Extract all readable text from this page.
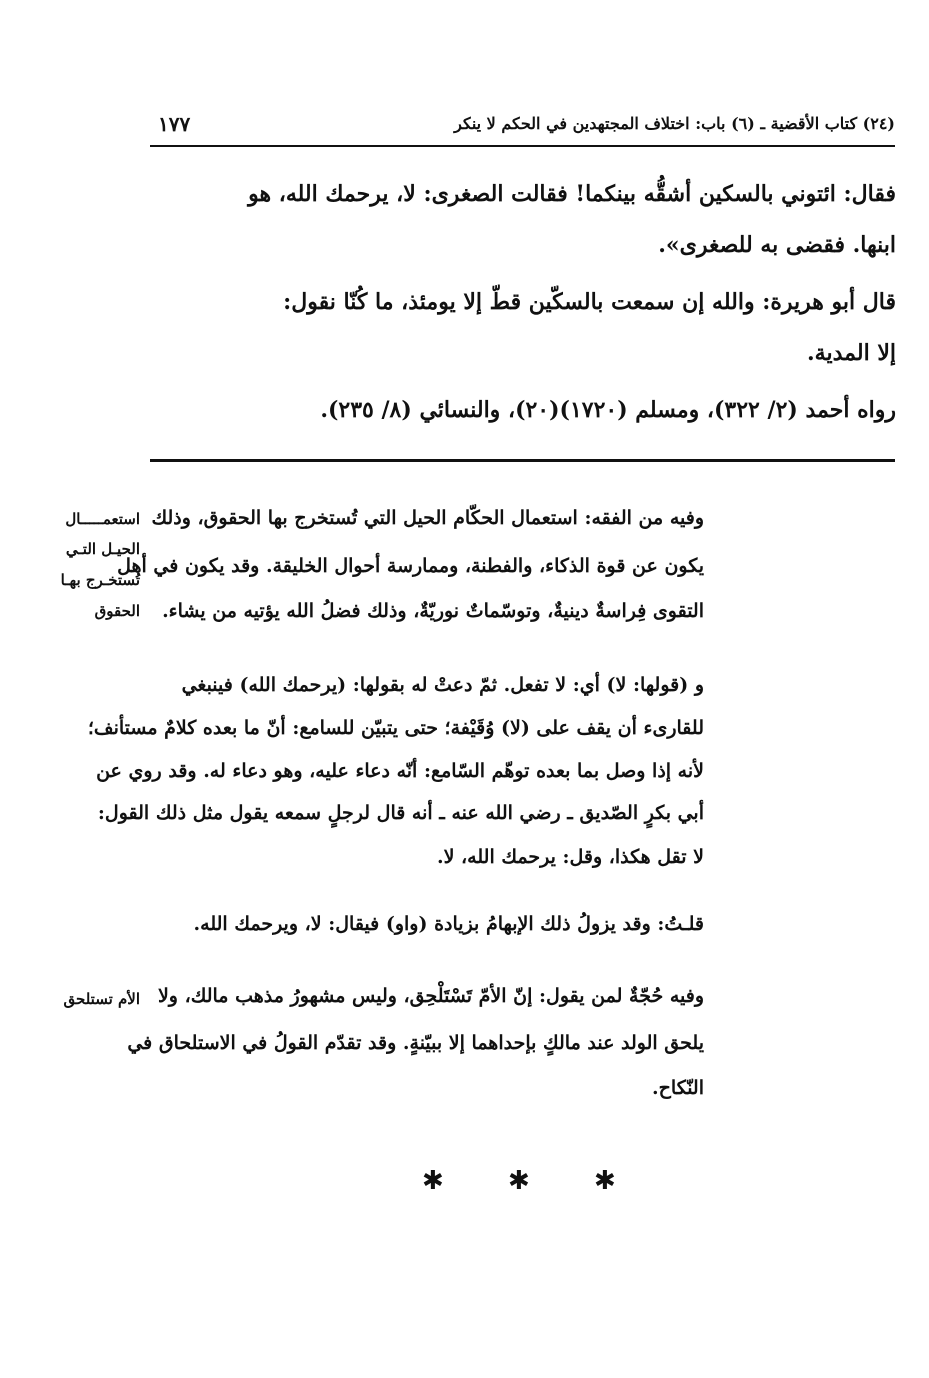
(٢٤) كتاب الأقضية ـ (٦) باب: اختلاف المجتهدين في الحكم لا ينكر
١٧٧
فقال: ائتوني بالسكين أشقُّه بينكما! فقالت الصغرى: لا، يرحمك الله، هو
ابنها. فقضى به للصغرى».
قال أبو هريرة: والله إن سمعت بالسكّين قطّ إلا يومئذ، ما كُنّا نقول:
إلا المدية.
رواه أحمد (٢/ ٣٢٢)، ومسلم (١٧٢٠)(٢٠)، والنسائي (٨/ ٢٣٥).
وفيه من الفقه: استعمال الحكّام الحيل التي تُستخرج بها الحقوق، وذلك
يكون عن قوة الذكاء، والفطنة، وممارسة أحوال الخليقة. وقد يكون في أهل
التقوى فِراسةٌ دينيةٌ، وتوسّماتٌ نوريّةٌ، وذلك فضلُ الله يؤتيه من يشاء.
استعمـــــال
الحيـل التـي
تُستخـرج بهـا
الحقوق
و (قولها: لا) أي: لا تفعل. ثمّ دعتْ له بقولها: (يرحمك الله) فينبغي
للقارىء أن يقف على (لا) وُقَيْفة؛ حتى يتبيّن للسامع: أنّ ما بعده كلامٌ مستأنف؛
لأنه إذا وصل بما بعده توهّم السّامع: أنّه دعاء عليه، وهو دعاء له. وقد روي عن
أبي بكرٍ الصّديق ـ رضي الله عنه ـ أنه قال لرجلٍ سمعه يقول مثل ذلك القول:
لا تقل هكذا، وقل: يرحمك الله، لا.
قلـتُ: وقد يزولُ ذلك الإبهامُ بزيادة (واو) فيقال: لا، ويرحمك الله.
وفيه حُجّةٌ لمن يقول: إنّ الأمّ تَسْتَلْحِق، وليس مشهورُ مذهب مالك، ولا
يلحق الولد عند مالكٍ بإحداهما إلا ببيّنةٍ. وقد تقدّم القولُ في الاستلحاق في
النّكاح.
الأم تستلحق
✱ ✱ ✱
